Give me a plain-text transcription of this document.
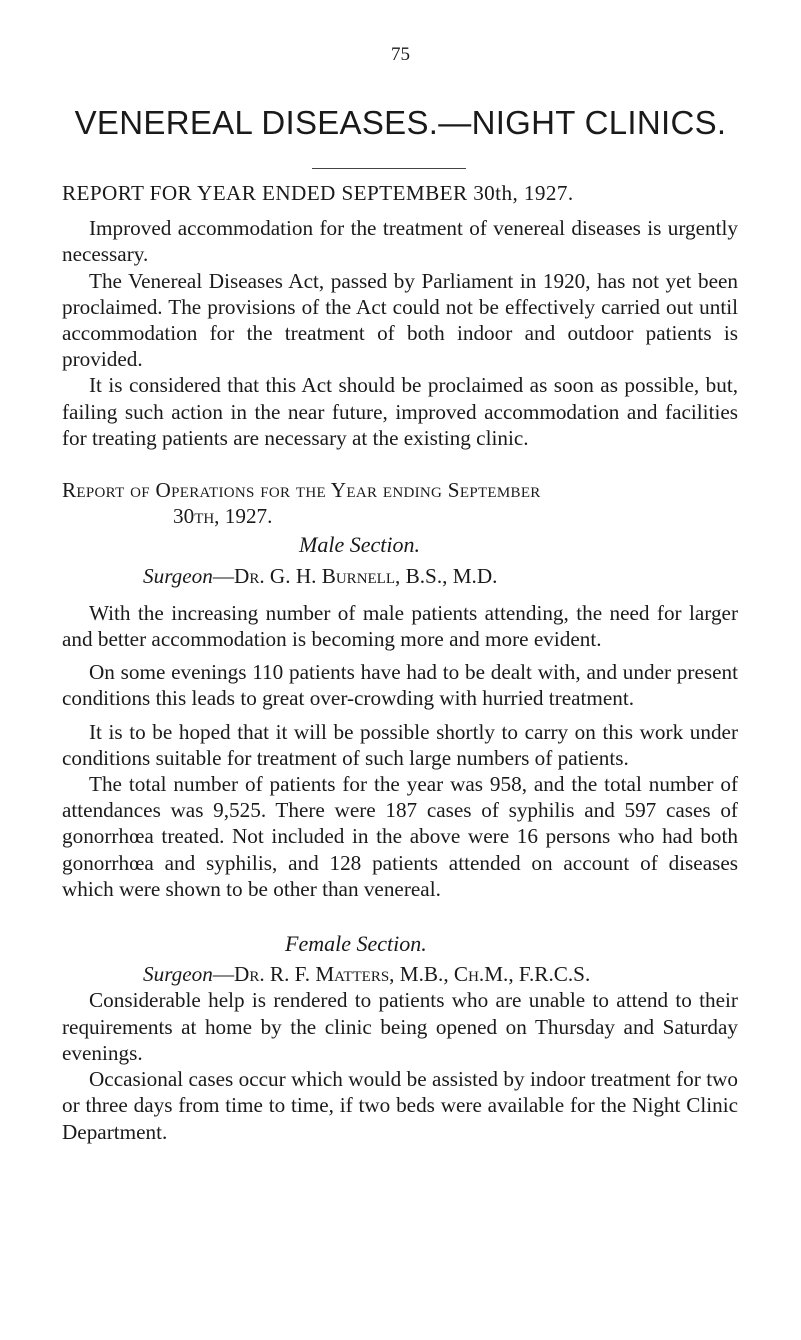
75
VENEREAL DISEASES.—NIGHT CLINICS.

REPORT FOR YEAR ENDED SEPTEMBER 30th, 1927.

Improved accommodation for the treatment of venereal diseases is urgently necessary.

The Venereal Diseases Act, passed by Parliament in 1920, has not yet been proclaimed. The provisions of the Act could not be effectively carried out until accommodation for the treatment of both indoor and outdoor patients is provided.

It is considered that this Act should be proclaimed as soon as possible, but, failing such action in the near future, improved accommodation and facilities for treating patients are necessary at the existing clinic.

Report of Operations for the Year ending September

30th, 1927.

Male Section.

Surgeon—Dr. G. H. Burnell, B.S., M.D.

With the increasing number of male patients attending, the need for larger and better accommodation is becoming more and more evident.

On some evenings 110 patients have had to be dealt with, and under present conditions this leads to great over-crowding with hurried treatment.

It is to be hoped that it will be possible shortly to carry on this work under conditions suitable for treatment of such large numbers of patients.

The total number of patients for the year was 958, and the total number of attendances was 9,525. There were 187 cases of syphilis and 597 cases of gonorrhœa treated. Not included in the above were 16 persons who had both gonorrhœa and syphilis, and 128 patients attended on account of diseases which were shown to be other than venereal.

Female Section.

Surgeon—Dr. R. F. Matters, M.B., Ch.M., F.R.C.S.

Considerable help is rendered to patients who are unable to attend to their requirements at home by the clinic being opened on Thursday and Saturday evenings.

Occasional cases occur which would be assisted by indoor treatment for two or three days from time to time, if two beds were available for the Night Clinic Department.
